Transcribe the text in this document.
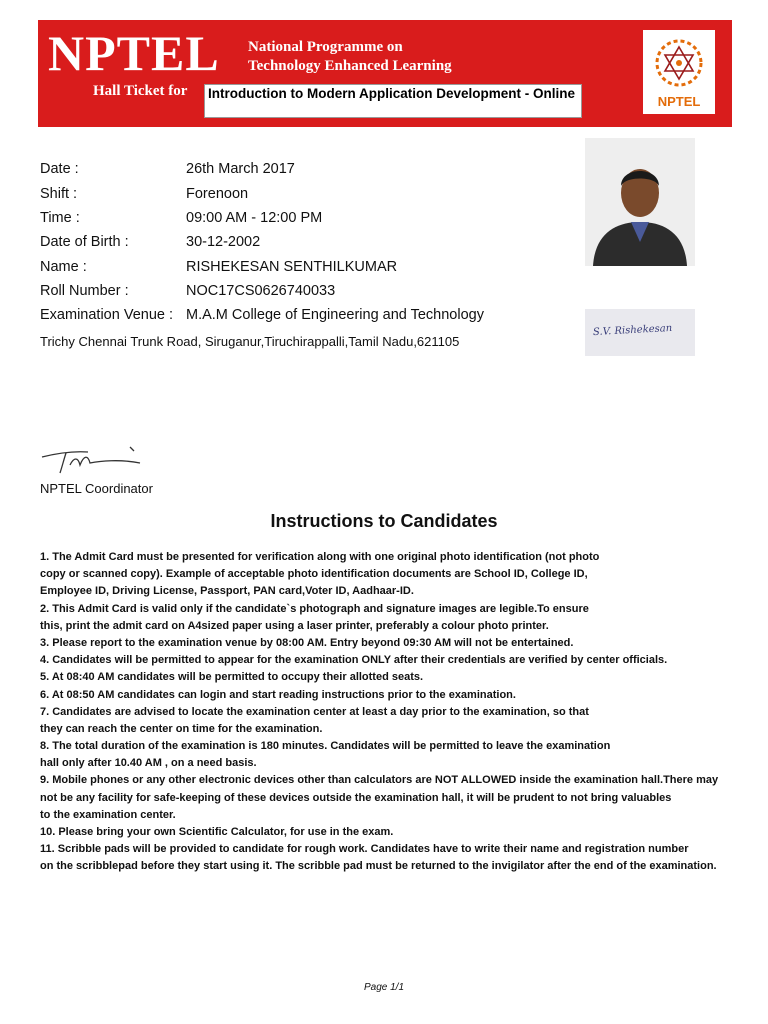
NPTEL National Programme on
Technology Enhanced Learning
Hall Ticket for Introduction to Modern Application Development - Online
NPTEL
Date :	26th March 2017
Shift :	Forenoon
Time :	09:00 AM - 12:00 PM
Date of Birth :	30-12-2002
Name :	RISHEKESAN SENTHILKUMAR
Roll Number :	NOC17CS0626740033
Examination Venue : M.A.M College of Engineering and Technology
Trichy Chennai Trunk Road, Siruganur,Tiruchirappalli,Tamil Nadu,621105
S.V. Rishekesan
NPTEL Coordinator
Instructions to Candidates
1. The Admit Card must be presented for verification along with one original photo identification (not photo
copy or scanned copy). Example of acceptable photo identification documents are School ID, College ID,
Employee ID, Driving License, Passport, PAN card,Voter ID, Aadhaar-ID.
2. This Admit Card is valid only if the candidate`s photograph and signature images are legible.To ensure
this, print the admit card on A4sized paper using a laser printer, preferably a colour photo printer.
3. Please report to the examination venue by 08:00 AM. Entry beyond 09:30 AM will not be entertained.
4. Candidates will be permitted to appear for the examination ONLY after their credentials are verified by center officials.
5. At 08:40 AM candidates will be permitted to occupy their allotted seats.
6. At 08:50 AM candidates can login and start reading instructions prior to the examination.
7. Candidates are advised to locate the examination center at least a day prior to the examination, so that
they can reach the center on time for the examination.
8. The total duration of the examination is 180 minutes. Candidates will be permitted to leave the examination
hall only after 10.40 AM , on a need basis.
9. Mobile phones or any other electronic devices other than calculators are NOT ALLOWED inside the examination hall.There may
not be any facility for safe-keeping of these devices outside the examination hall, it will be prudent to not bring valuables
to the examination center.
10. Please bring your own Scientific Calculator, for use in the exam.
11. Scribble pads will be provided to candidate for rough work. Candidates have to write their name and registration number
on the scribblepad before they start using it. The scribble pad must be returned to the invigilator after the end of the examination.
Page 1/1
